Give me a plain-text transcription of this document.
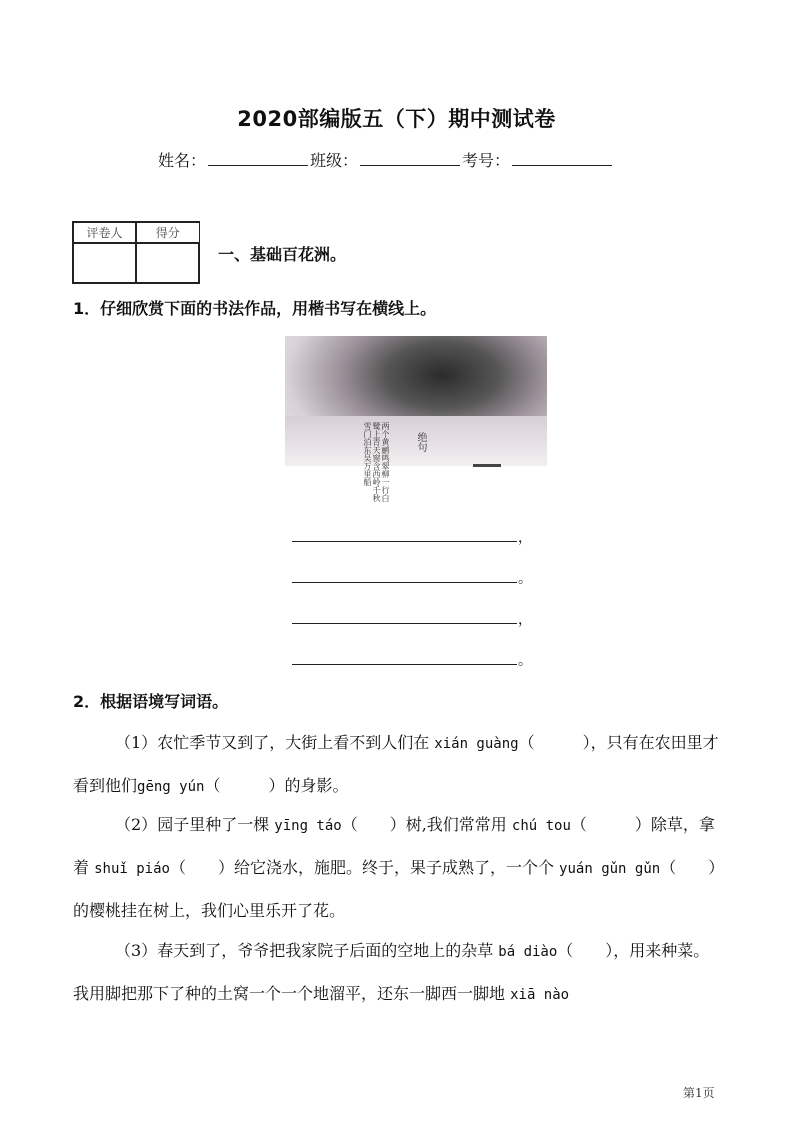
2020部编版五（下）期中测试卷
姓名：	班级：	考号：
评卷人	得分

一、基础百花洲。
1．仔细欣赏下面的书法作品，用楷书写在横线上。
绝句
两个黄鹂鸣翠柳一行白鹭上青天窗含西岭千秋雪门泊东吴万里船
，
。
，
。
2．根据语境写词语。
（1）农忙季节又到了，大街上看不到人们在 xián guàng（　　　），只有在农田里才看到他们gēng yún（　　　）的身影。
（2）园子里种了一棵 yīng táo（　　）树,我们常常用 chú tou（　　　）除草，拿着 shuǐ piáo（　　）给它浇水，施肥。终于，果子成熟了，一个个 yuán gǔn gǔn（　　）的樱桃挂在树上，我们心里乐开了花。
（3）春天到了，爷爷把我家院子后面的空地上的杂草 bá diào（　　），用来种菜。我用脚把那下了种的土窝一个一个地溜平，还东一脚西一脚地 xiā nào
第1页
